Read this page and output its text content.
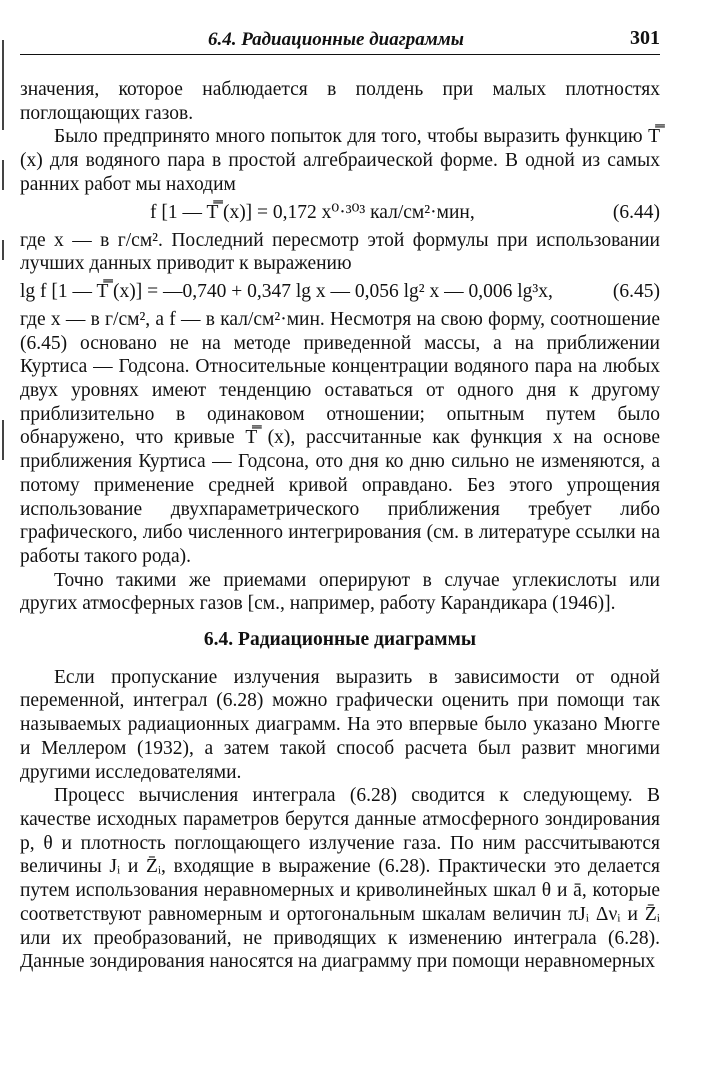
6.4. Радиационные диаграммы	301

значения, которое наблюдается в полдень при малых плотностях поглощающих газов.

Было предпринято много попыток для того, чтобы выразить функцию T̿ (x) для водяного пара в простой алгебраической форме. В одной из самых ранних работ мы находим

f [1 — T̿ (x)] = 0,172 x⁰·³⁰³ кал/см²·мин,	(6.44)

где x — в г/см². Последний пересмотр этой формулы при использовании лучших данных приводит к выражению

lg f [1 — T̿ (x)] = —0,740 + 0,347 lg x — 0,056 lg² x — 0,006 lg³x,	(6.45)

где x — в г/см², а f — в кал/см²·мин. Несмотря на свою форму, соотношение (6.45) основано не на методе приведенной массы, а на приближении Куртиса — Годсона. Относительные концентрации водяного пара на любых двух уровнях имеют тенденцию оставаться от одного дня к другому приблизительно в одинаковом отношении; опытным путем было обнаружено, что кривые T̿ (x), рассчитанные как функция x на основе приближения Куртиса — Годсона, ото дня ко дню сильно не изменяются, а потому применение средней кривой оправдано. Без этого упрощения использование двухпараметрического приближения требует либо графического, либо численного интегрирования (см. в литературе ссылки на работы такого рода).

Точно такими же приемами оперируют в случае углекислоты или других атмосферных газов [см., например, работу Карандикара (1946)].

6.4. Радиационные диаграммы

Если пропускание излучения выразить в зависимости от одной переменной, интеграл (6.28) можно графически оценить при помощи так называемых радиационных диаграмм. На это впервые было указано Мюгге и Меллером (1932), а затем такой способ расчета был развит многими другими исследователями.

Процесс вычисления интеграла (6.28) сводится к следующему. В качестве исходных параметров берутся данные атмосферного зондирования p, θ и плотность поглощающего излучение газа. По ним рассчитываются величины Jᵢ и Z̄ᵢ, входящие в выражение (6.28). Практически это делается путем использования неравномерных и криволинейных шкал θ и ā, которые соответствуют равномерным и ортогональным шкалам величин πJᵢ Δνᵢ и Z̄ᵢ или их преобразований, не приводящих к изменению интеграла (6.28). Данные зондирования наносятся на диаграмму при помощи неравномерных
